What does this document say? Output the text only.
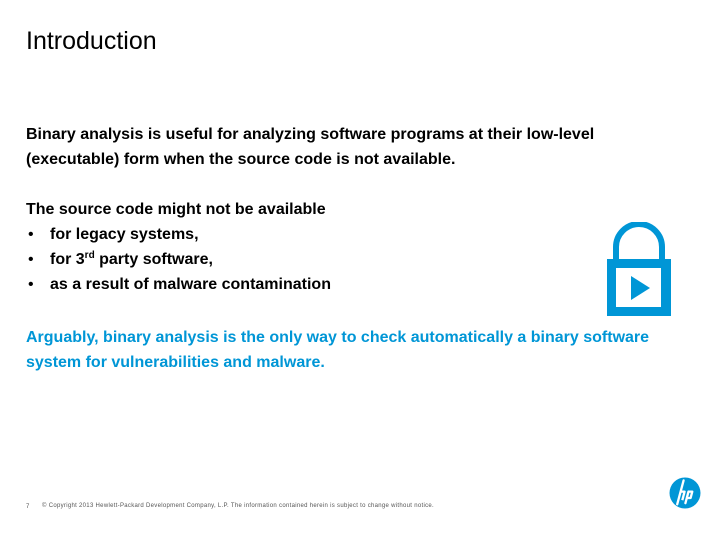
Introduction

Binary analysis is useful for analyzing software programs at their low-level (executable) form when the source code is not available.

The source code might not be available
• for legacy systems,
• for 3rd party software,
• as a result of malware contamination

Arguably, binary analysis is the only way to check automatically a binary software system for vulnerabilities and malware.

7 © Copyright 2013 Hewlett-Packard Development Company, L.P. The information contained herein is subject to change without notice.
